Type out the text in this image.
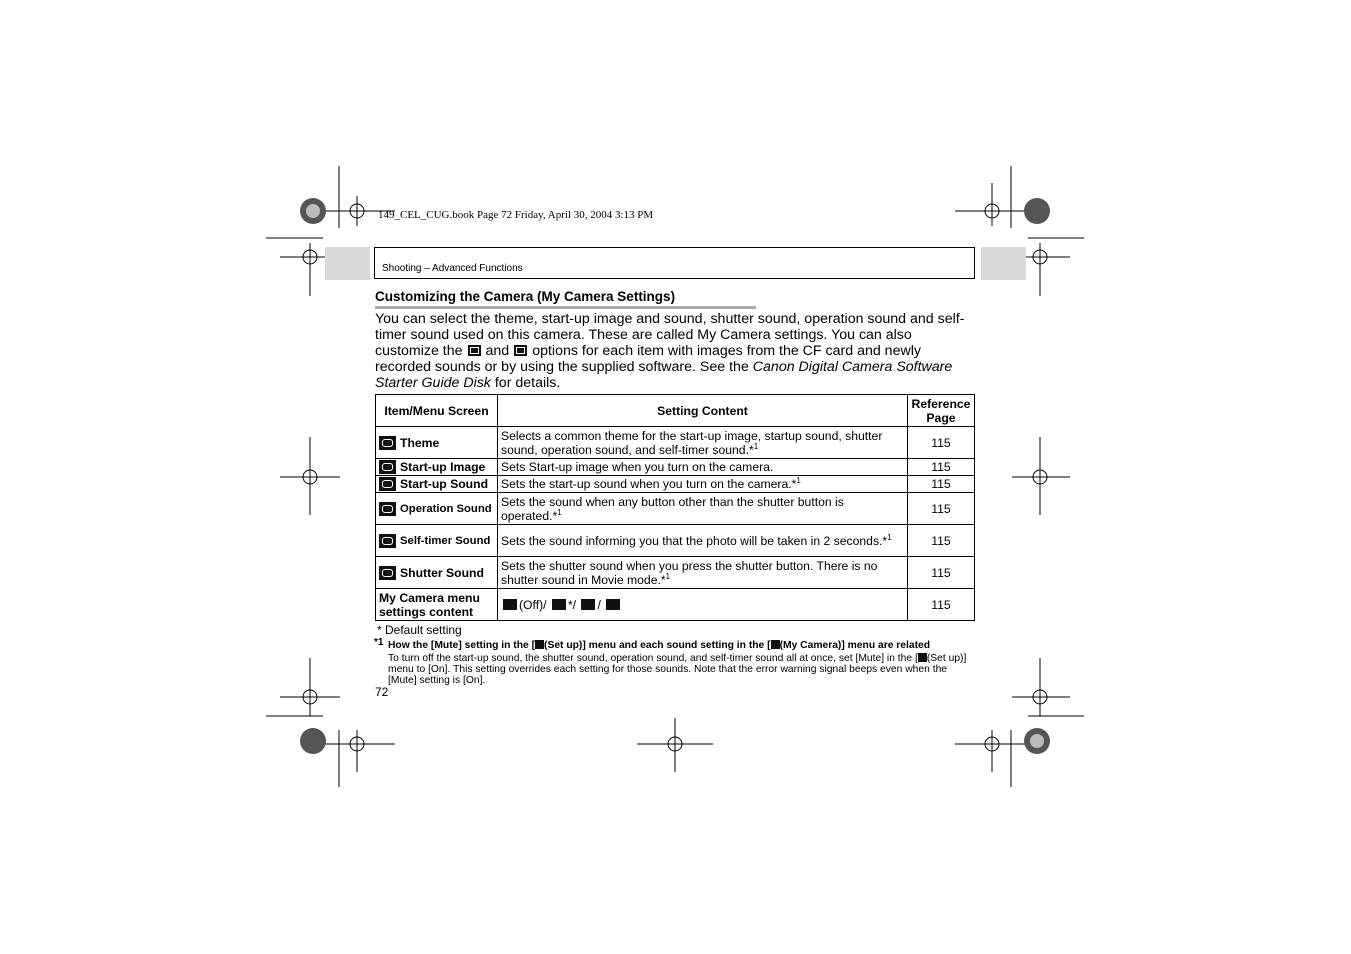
149_CEL_CUG.book Page 72 Friday, April 30, 2004 3:13 PM
Shooting – Advanced Functions
Customizing the Camera (My Camera Settings)
You can select the theme, start-up image and sound, shutter sound, operation sound and self-timer sound used on this camera. These are called My Camera settings. You can also customize the and options for each item with images from the CF card and newly recorded sounds or by using the supplied software. See the Canon Digital Camera Software Starter Guide Disk for details.
Item/Menu Screen	Setting Content	Reference Page

Theme	Selects a common theme for the start-up image, startup sound, shutter sound, operation sound, and self-timer sound.*$^1$	115

Start-up Image	Sets Start-up image when you turn on the camera.	115

Start-up Sound	Sets the start-up sound when you turn on the camera.*$^1$	115

Operation Sound	Sets the sound when any button other than the shutter button is operated.*$^1$	115

Self-timer Sound	Sets the sound informing you that the photo will be taken in 2 seconds.*$^1$	115

Shutter Sound	Sets the shutter sound when you press the shutter button. There is no shutter sound in Movie mode.*$^1$	115
My Camera menu settings content	(Off)/ */ /	115
* Default setting
*1 How the [Mute] setting in the [ (Set up)] menu and each sound setting in the [ (My Camera)] menu are related
To turn off the start-up sound, the shutter sound, operation sound, and self-timer sound all at once, set [Mute] in the [ (Set up)] menu to [On]. This setting overrides each setting for those sounds. Note that the error warning signal beeps even when the [Mute] setting is [On].
72
